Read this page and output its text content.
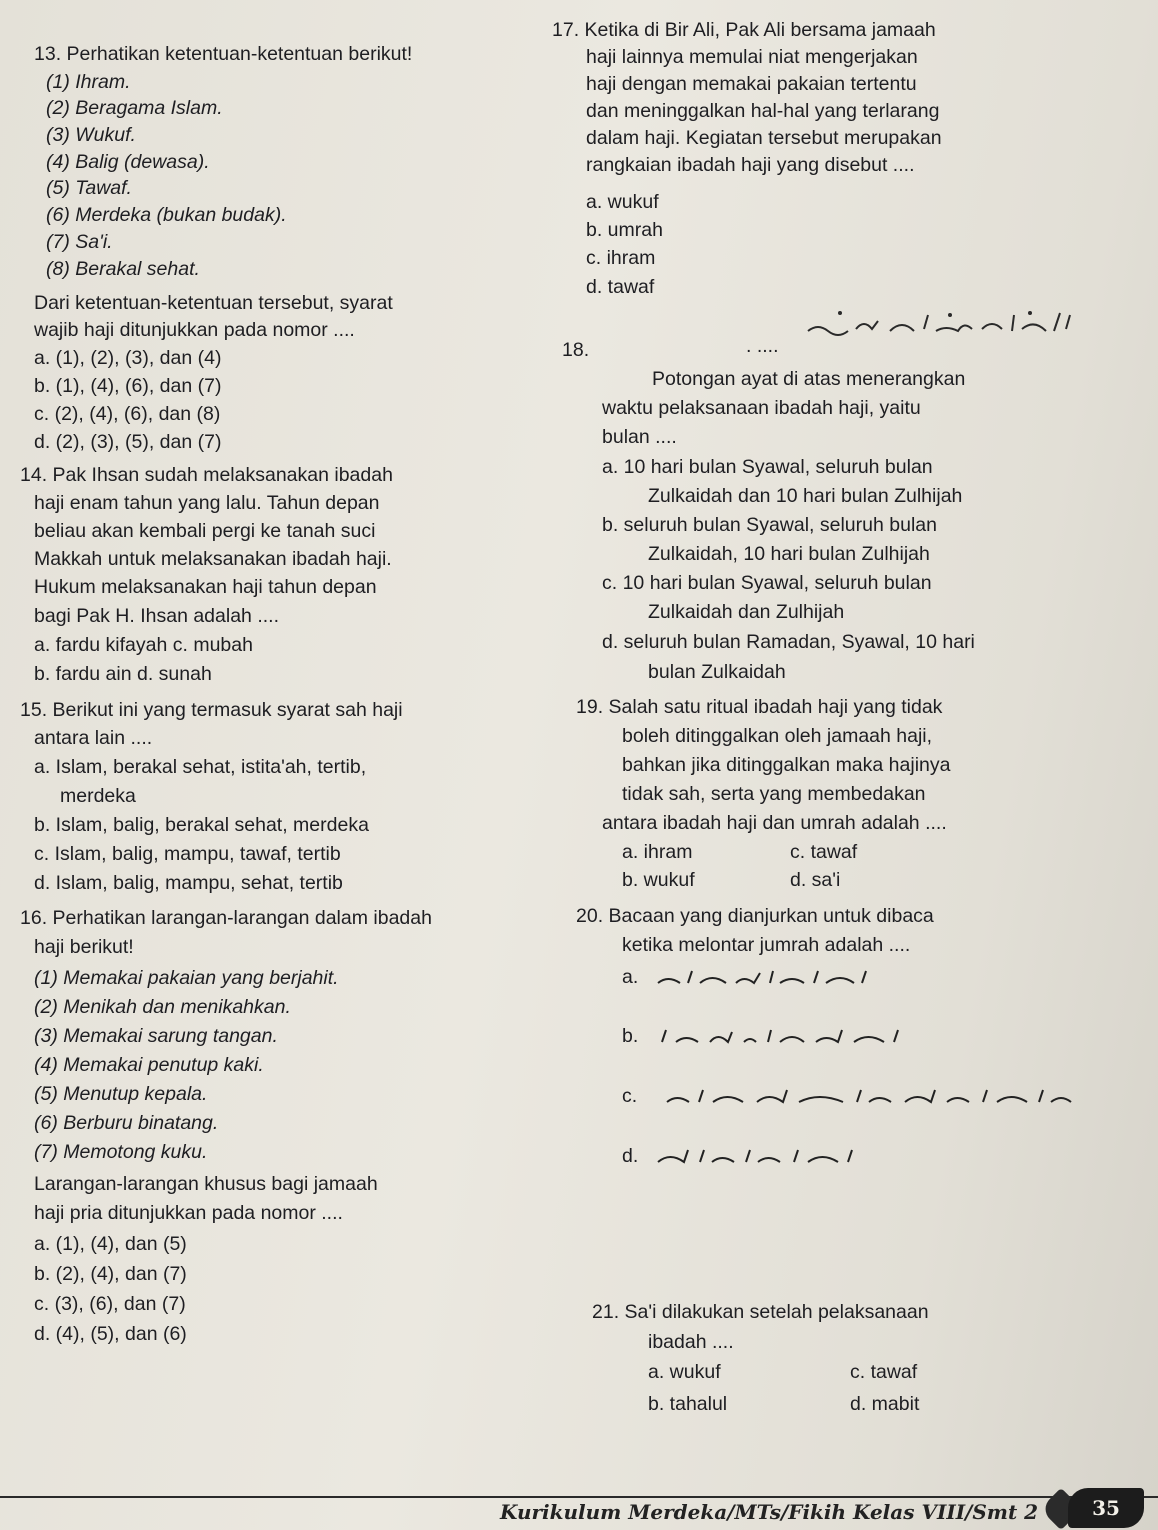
13. Perhatikan ketentuan-ketentuan berikut!
(1) Ihram.
(2) Beragama Islam.
(3) Wukuf.
(4) Balig (dewasa).
(5) Tawaf.
(6) Merdeka (bukan budak).
(7) Sa'i.
(8) Berakal sehat.
Dari ketentuan-ketentuan tersebut, syarat
wajib haji ditunjukkan pada nomor ....
a. (1), (2), (3), dan (4)
b. (1), (4), (6), dan (7)
c. (2), (4), (6), dan (8)
d. (2), (3), (5), dan (7)
14. Pak Ihsan sudah melaksanakan ibadah
haji enam tahun yang lalu. Tahun depan
beliau akan kembali pergi ke tanah suci
Makkah untuk melaksanakan ibadah haji.
Hukum melaksanakan haji tahun depan
bagi Pak H. Ihsan adalah ....
a. fardu kifayah c. mubah
b. fardu ain d. sunah
15. Berikut ini yang termasuk syarat sah haji
antara lain ....
a. Islam, berakal sehat, istita'ah, tertib,
merdeka
b. Islam, balig, berakal sehat, merdeka
c. Islam, balig, mampu, tawaf, tertib
d. Islam, balig, mampu, sehat, tertib
16. Perhatikan larangan-larangan dalam ibadah
haji berikut!
(1) Memakai pakaian yang berjahit.
(2) Menikah dan menikahkan.
(3) Memakai sarung tangan.
(4) Memakai penutup kaki.
(5) Menutup kepala.
(6) Berburu binatang.
(7) Memotong kuku.
Larangan-larangan khusus bagi jamaah
haji pria ditunjukkan pada nomor ....
a. (1), (4), dan (5)
b. (2), (4), dan (7)
c. (3), (6), dan (7)
d. (4), (5), dan (6)
17. Ketika di Bir Ali, Pak Ali bersama jamaah
haji lainnya memulai niat mengerjakan
haji dengan memakai pakaian tertentu
dan meninggalkan hal-hal yang terlarang
dalam haji. Kegiatan tersebut merupakan
rangkaian ibadah haji yang disebut ....
a. wukuf
b. umrah
c. ihram
d. tawaf
18.	. ....
Potongan ayat di atas menerangkan
waktu pelaksanaan ibadah haji, yaitu
bulan ....
a. 10 hari bulan Syawal, seluruh bulan
Zulkaidah dan 10 hari bulan Zulhijah
b. seluruh bulan Syawal, seluruh bulan
Zulkaidah, 10 hari bulan Zulhijah
c. 10 hari bulan Syawal, seluruh bulan
Zulkaidah dan Zulhijah
d. seluruh bulan Ramadan, Syawal, 10 hari
bulan Zulkaidah
19. Salah satu ritual ibadah haji yang tidak
boleh ditinggalkan oleh jamaah haji,
bahkan jika ditinggalkan maka hajinya
tidak sah, serta yang membedakan
antara ibadah haji dan umrah adalah ....
a. ihram	c. tawaf
b. wukuf	d. sa'i
20. Bacaan yang dianjurkan untuk dibaca
ketika melontar jumrah adalah ....
a.
b.
c.
d.
21. Sa'i dilakukan setelah pelaksanaan
ibadah ....
a. wukuf	c. tawaf
b. tahalul	d. mabit
Kurikulum Merdeka/MTs/Fikih Kelas VIII/Smt 2	35
